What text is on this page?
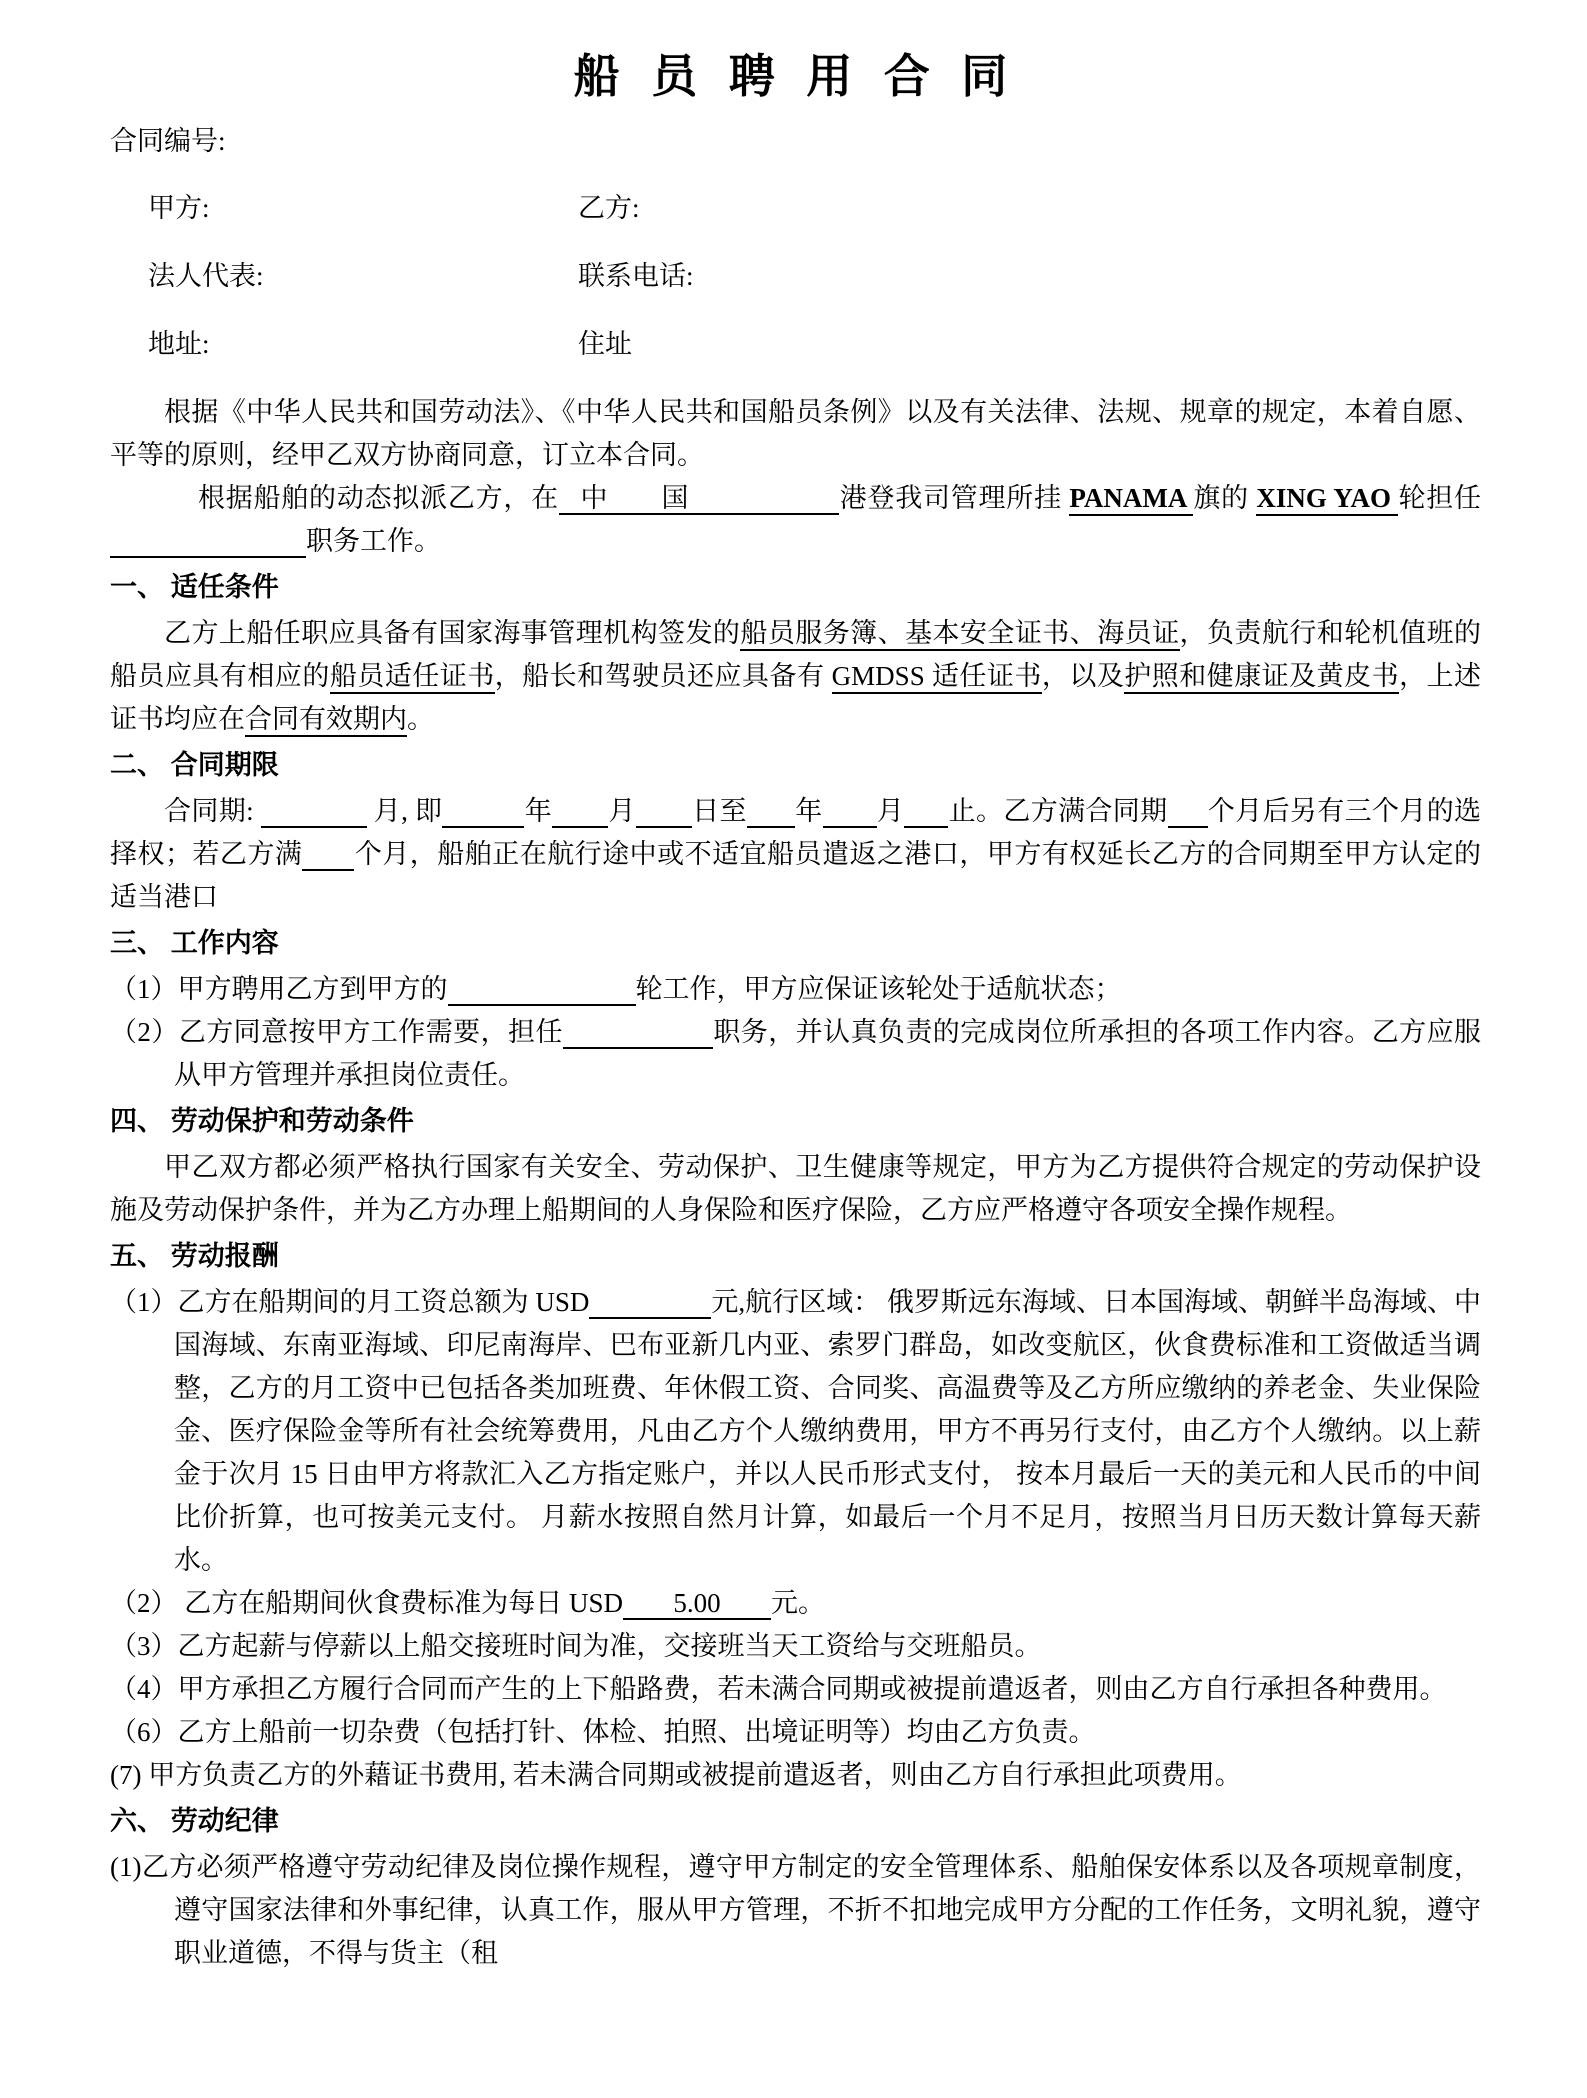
船 员 聘 用 合 同
合同编号:
甲方:	乙方:
法人代表:	联系电话:
地址:	住址
根据《中华人民共和国劳动法》、《中华人民共和国船员条例》以及有关法律、法规、规章的规定，本着自愿、平等的原则，经甲乙双方协商同意，订立本合同。
根据船舶的动态拟派乙方，在 中 国	港登我司管理所挂 PANAMA 旗的 XING YAO 轮担任 职务工作。
一、 适任条件
乙方上船任职应具备有国家海事管理机构签发的船员服务簿、基本安全证书、海员证，负责航行和轮机值班的船员应具有相应的船员适任证书，船长和驾驶员还应具备有 GMDSS 适任证书，以及护照和健康证及黄皮书，上述证书均应在合同有效期内。
二、 合同期限
合同期:	月, 即	年 月 日至 年 月 止。乙方满合同期 个月后另有三个月的选择权；若乙方满 个月，船舶正在航行途中或不适宜船员遣返之港口，甲方有权延长乙方的合同期至甲方认定的适当港口
三、 工作内容
（1）甲方聘用乙方到甲方的	轮工作，甲方应保证该轮处于适航状态；
（2）乙方同意按甲方工作需要，担任	职务，并认真负责的完成岗位所承担的各项工作内容。乙方应服从甲方管理并承担岗位责任。
四、 劳动保护和劳动条件
甲乙双方都必须严格执行国家有关安全、劳动保护、卫生健康等规定，甲方为乙方提供符合规定的劳动保护设施及劳动保护条件，并为乙方办理上船期间的人身保险和医疗保险，乙方应严格遵守各项安全操作规程。
五、 劳动报酬
（1）乙方在船期间的月工资总额为 USD	元,航行区域： 俄罗斯远东海域、日本国海域、朝鲜半岛海域、中国海域、东南亚海域、印尼南海岸、巴布亚新几内亚、索罗门群岛，如改变航区，伙食费标准和工资做适当调整，乙方的月工资中已包括各类加班费、年休假工资、合同奖、高温费等及乙方所应缴纳的养老金、失业保险金、医疗保险金等所有社会统筹费用，凡由乙方个人缴纳费用，甲方不再另行支付，由乙方个人缴纳。以上薪金于次月 15 日由甲方将款汇入乙方指定账户，并以人民币形式支付， 按本月最后一天的美元和人民币的中间比价折算，也可按美元支付。 月薪水按照自然月计算，如最后一个月不足月，按照当月日历天数计算每天薪水。
（2） 乙方在船期间伙食费标准为每日 USD 5.00 元。
（3）乙方起薪与停薪以上船交接班时间为准，交接班当天工资给与交班船员。
（4）甲方承担乙方履行合同而产生的上下船路费，若未满合同期或被提前遣返者，则由乙方自行承担各种费用。
（6）乙方上船前一切杂费（包括打针、体检、拍照、出境证明等）均由乙方负责。
(7) 甲方负责乙方的外藉证书费用, 若未满合同期或被提前遣返者，则由乙方自行承担此项费用。
六、 劳动纪律
(1)乙方必须严格遵守劳动纪律及岗位操作规程，遵守甲方制定的安全管理体系、船舶保安体系以及各项规章制度，遵守国家法律和外事纪律，认真工作，服从甲方管理，不折不扣地完成甲方分配的工作任务，文明礼貌，遵守职业道德，不得与货主（租
